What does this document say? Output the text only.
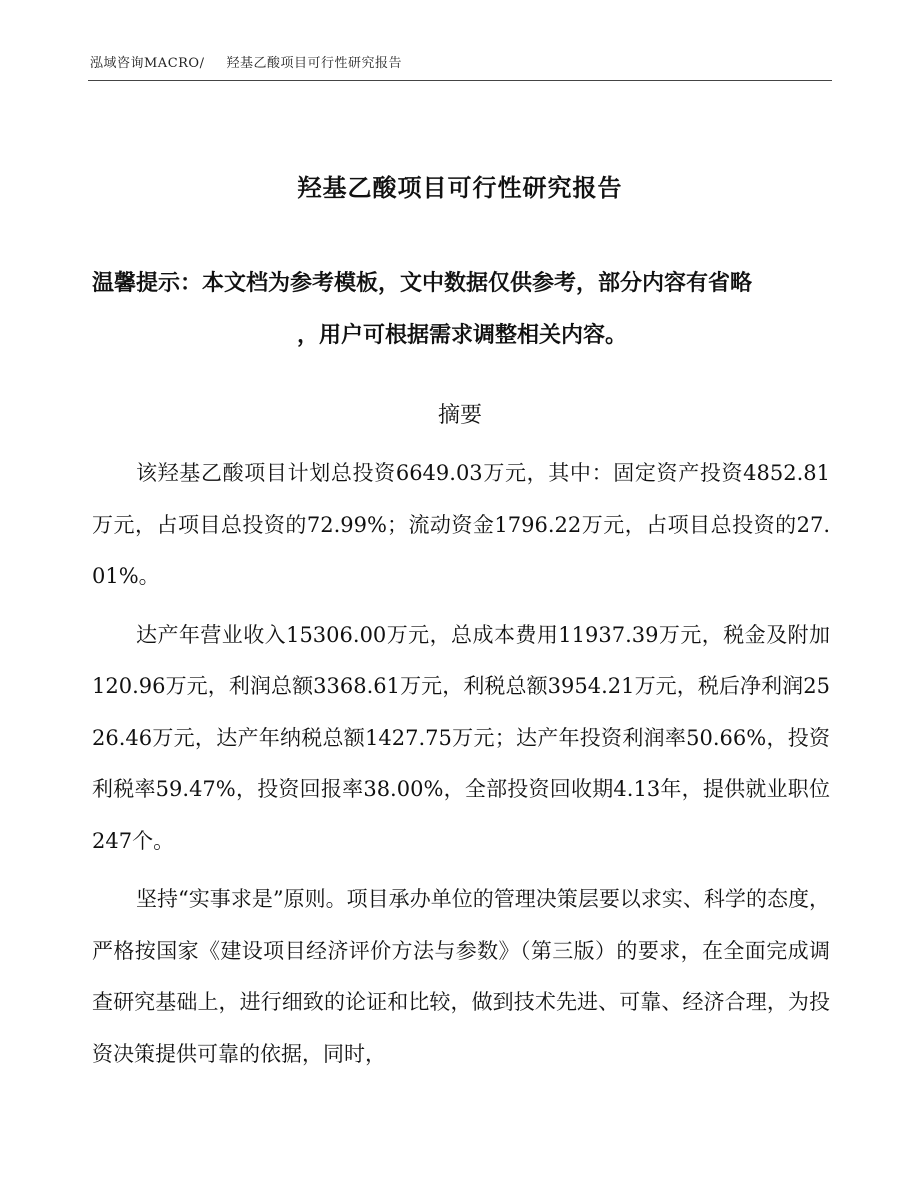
泓域咨询MACRO/ 羟基乙酸项目可行性研究报告
羟基乙酸项目可行性研究报告
温馨提示：本文档为参考模板，文中数据仅供参考，部分内容有省略
，用户可根据需求调整相关内容。
摘要

该羟基乙酸项目计划总投资6649.03万元，其中：固定资产投资4852.81万元，占项目总投资的72.99%；流动资金1796.22万元，占项目总投资的27.01%。

达产年营业收入15306.00万元，总成本费用11937.39万元，税金及附加120.96万元，利润总额3368.61万元，利税总额3954.21万元，税后净利润2526.46万元，达产年纳税总额1427.75万元；达产年投资利润率50.66%，投资利税率59.47%，投资回报率38.00%，全部投资回收期4.13年，提供就业职位247个。

坚持“实事求是”原则。项目承办单位的管理决策层要以求实、科学的态度，严格按国家《建设项目经济评价方法与参数》（第三版）的要求，在全面完成调查研究基础上，进行细致的论证和比较，做到技术先进、可靠、经济合理，为投资决策提供可靠的依据，同时，
